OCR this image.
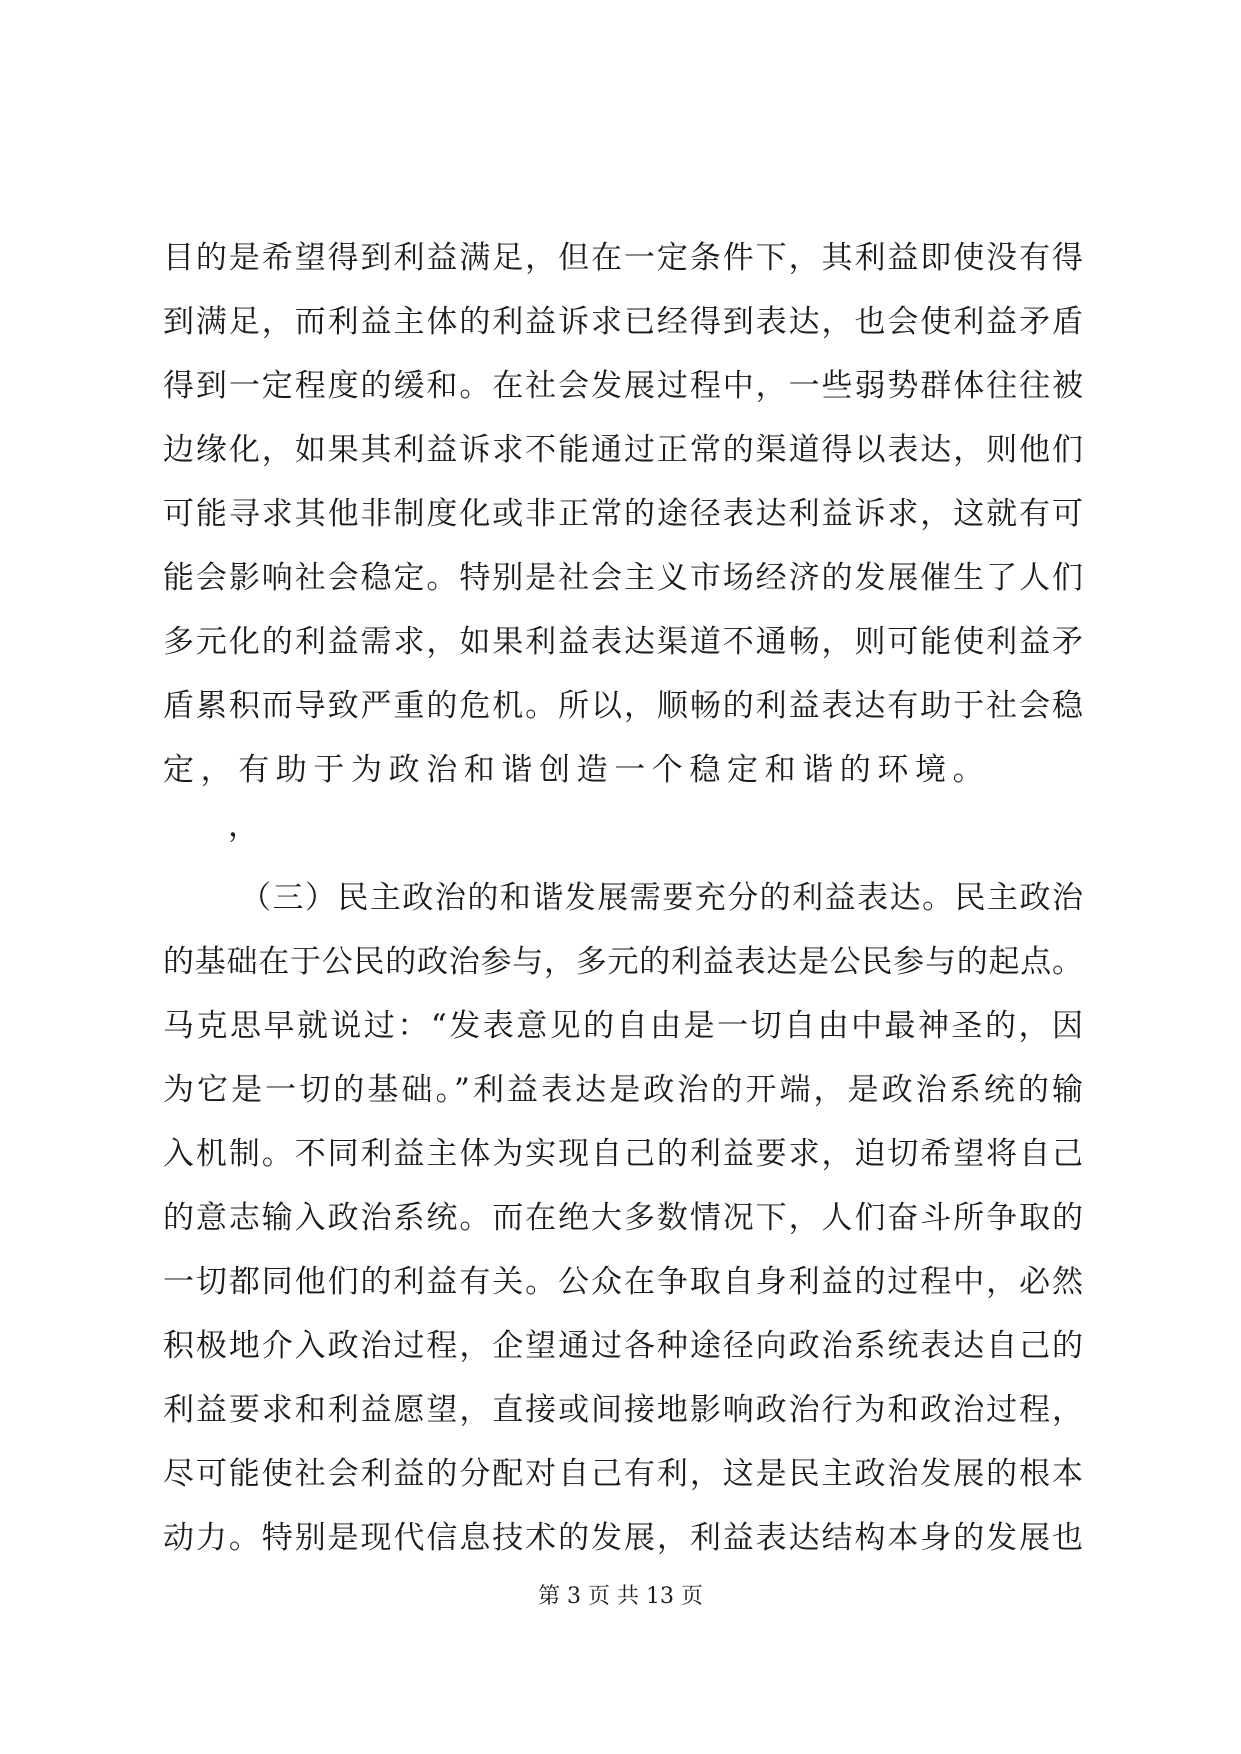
目的是希望得到利益满足，但在一定条件下，其利益即使没有得
到满足，而利益主体的利益诉求已经得到表达，也会使利益矛盾
得到一定程度的缓和。在社会发展过程中，一些弱势群体往往被
边缘化，如果其利益诉求不能通过正常的渠道得以表达，则他们
可能寻求其他非制度化或非正常的途径表达利益诉求，这就有可
能会影响社会稳定。特别是社会主义市场经济的发展催生了人们
多元化的利益需求，如果利益表达渠道不通畅，则可能使利益矛
盾累积而导致严重的危机。所以，顺畅的利益表达有助于社会稳
定，有助于为政治和谐创造一个稳定和谐的环境。
，
（三）民主政治的和谐发展需要充分的利益表达。民主政治
的基础在于公民的政治参与，多元的利益表达是公民参与的起点。
马克思早就说过：“发表意见的自由是一切自由中最神圣的，因
为它是一切的基础。”利益表达是政治的开端，是政治系统的输
入机制。不同利益主体为实现自己的利益要求，迫切希望将自己
的意志输入政治系统。而在绝大多数情况下，人们奋斗所争取的
一切都同他们的利益有关。公众在争取自身利益的过程中，必然
积极地介入政治过程，企望通过各种途径向政治系统表达自己的
利益要求和利益愿望，直接或间接地影响政治行为和政治过程，
尽可能使社会利益的分配对自己有利，这是民主政治发展的根本
动力。特别是现代信息技术的发展，利益表达结构本身的发展也
第 3 页 共 13 页
